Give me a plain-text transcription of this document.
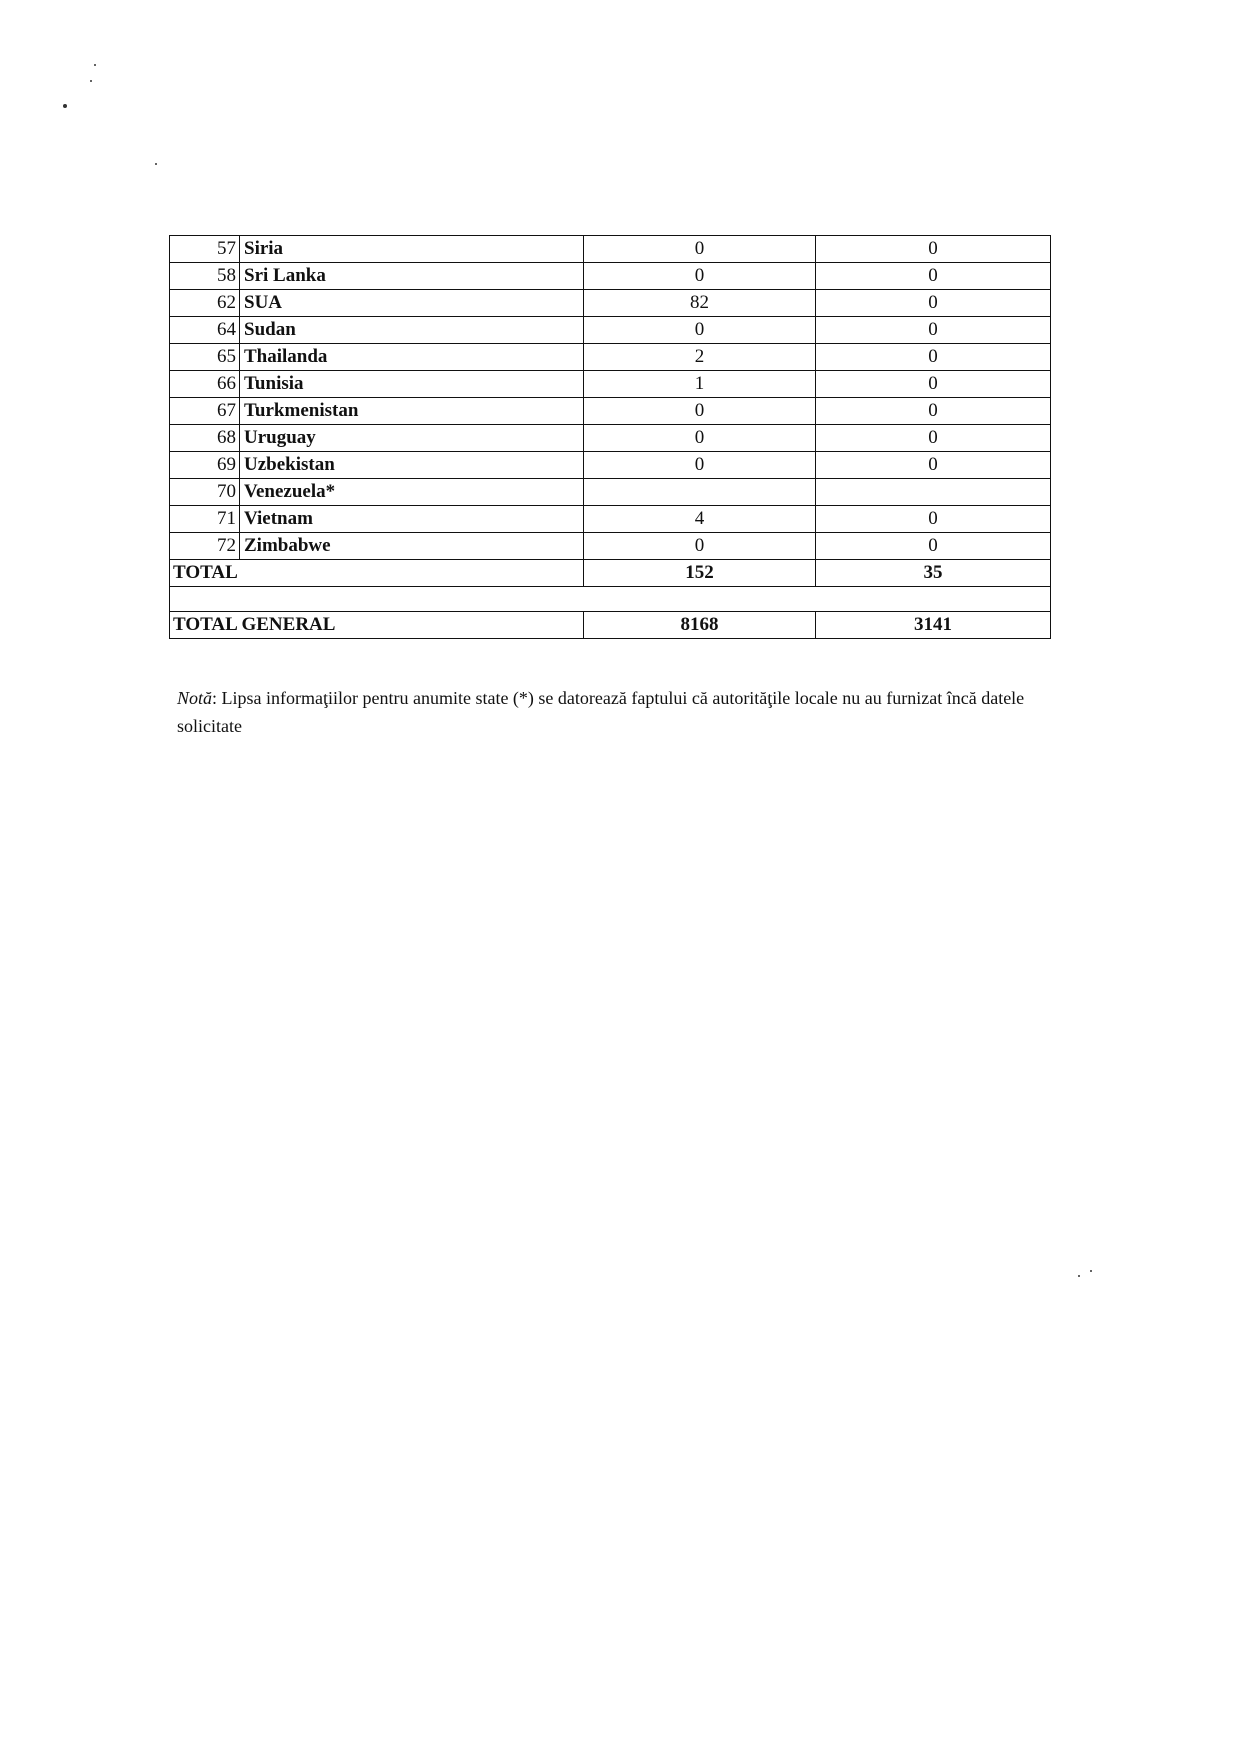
57	Siria	0	0
58	Sri Lanka	0	0
62	SUA	82	0
64	Sudan	0	0
65	Thailanda	2	0
66	Tunisia	1	0
67	Turkmenistan	0	0
68	Uruguay	0	0
69	Uzbekistan	0	0
70	Venezuela*		
71	Vietnam	4	0
72	Zimbabwe	0	0
TOTAL		152	35

TOTAL GENERAL		8168	3141
Notă: Lipsa informaţiilor pentru anumite state (*) se datorează faptului că autorităţile locale nu au furnizat încă datele solicitate
